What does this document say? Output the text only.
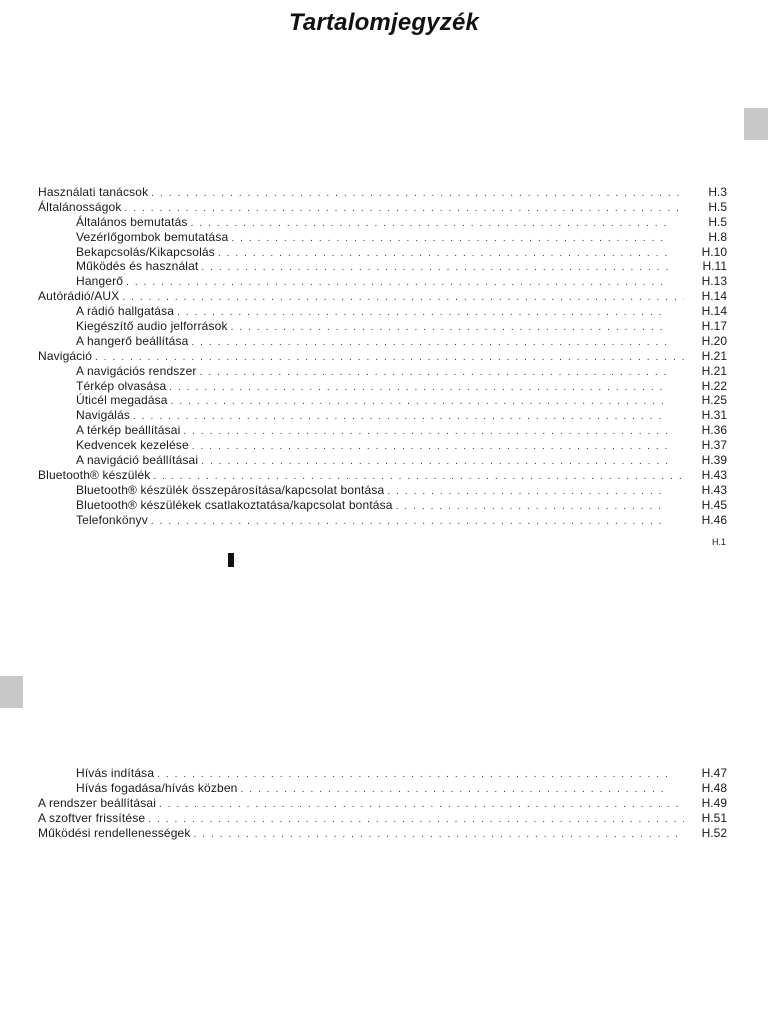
Tartalomjegyzék
Használati tanácsok . . .	H.3
Általánosságok . . .	H.5
Általános bemutatás . . .	H.5
Vezérlőgombok bemutatása . . .	H.8
Bekapcsolás/Kikapcsolás . . .	H.10
Működés és használat . . .	H.11
Hangerő . . .	H.13
Autórádió/AUX . . .	H.14
A rádió hallgatása . . .	H.14
Kiegészítő audio jelforrások . . .	H.17
A hangerő beállítása . . .	H.20
Navigáció . . .	H.21
A navigációs rendszer . . .	H.21
Térkép olvasása . . .	H.22
Úticél megadása . . .	H.25
Navigálás . . .	H.31
A térkép beállításai . . .	H.36
Kedvencek kezelése . . .	H.37
A navigáció beállításai . . .	H.39
Bluetooth® készülék . . .	H.43
Bluetooth® készülék összepárosítása/kapcsolat bontása . . .	H.43
Bluetooth® készülékek csatlakoztatása/kapcsolat bontása . . .	H.45
Telefonkönyv . . .	H.46
H.1
Hívás indítása . . .	H.47
Hívás fogadása/hívás közben . . .	H.48
A rendszer beállításai . . .	H.49
A szoftver frissítése . . .	H.51
Működési rendellenességek . . .	H.52
